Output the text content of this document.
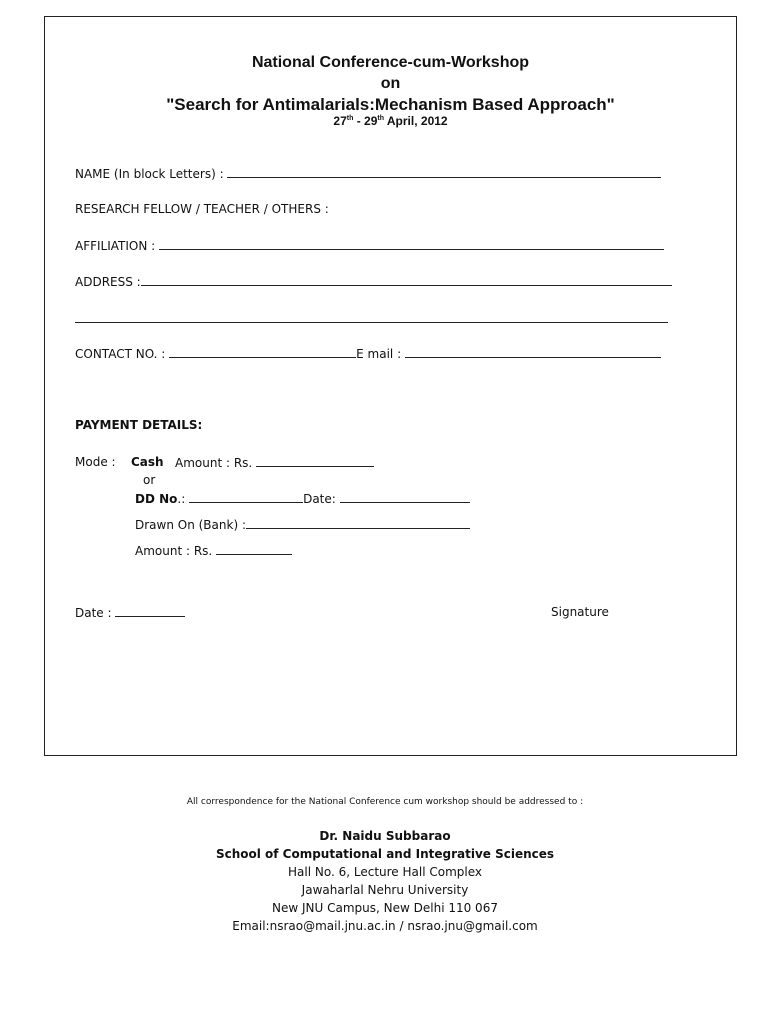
National Conference-cum-Workshop
on
"Search for Antimalarials:Mechanism Based Approach"
27th - 29th April, 2012
NAME (In block Letters) :
RESEARCH FELLOW / TEACHER / OTHERS :
AFFILIATION :
ADDRESS :
CONTACT NO. :	E mail :
PAYMENT DETAILS:
Mode : Cash Amount : Rs.
or
DD No.:	Date:
Drawn On (Bank) :
Amount : Rs.
Date :	Signature
All correspondence for the National Conference cum workshop should be addressed to :
Dr. Naidu Subbarao
School of Computational and Integrative Sciences
Hall No. 6, Lecture Hall Complex
Jawaharlal Nehru University
New JNU Campus, New Delhi 110 067
Email:nsrao@mail.jnu.ac.in / nsrao.jnu@gmail.com
